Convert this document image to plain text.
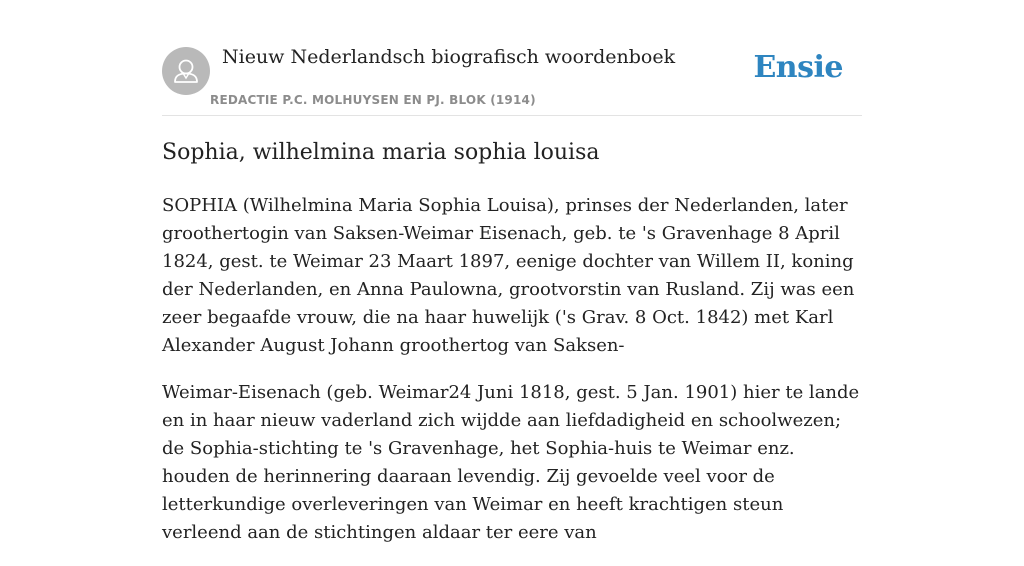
Nieuw Nederlandsch biografisch woordenboek
REDACTIE P.C. MOLHUYSEN EN PJ. BLOK (1914)
Ensie
Sophia, wilhelmina maria sophia louisa

SOPHIA (Wilhelmina Maria Sophia Louisa), prinses der Nederlanden, later groothertogin van Saksen-Weimar Eisenach, geb. te 's Gravenhage 8 April 1824, gest. te Weimar 23 Maart 1897, eenige dochter van Willem II, koning der Nederlanden, en Anna Paulowna, grootvorstin van Rusland. Zij was een zeer begaafde vrouw, die na haar huwelijk ('s Grav. 8 Oct. 1842) met Karl Alexander August Johann groothertog van Saksen-

Weimar-Eisenach (geb. Weimar24 Juni 1818, gest. 5 Jan. 1901) hier te lande en in haar nieuw vaderland zich wijdde aan liefdadigheid en schoolwezen; de Sophia-stichting te 's Gravenhage, het Sophia-huis te Weimar enz. houden de herinnering daaraan levendig. Zij gevoelde veel voor de letterkundige overleveringen van Weimar en heeft krachtigen steun verleend aan de stichtingen aldaar ter eere van
